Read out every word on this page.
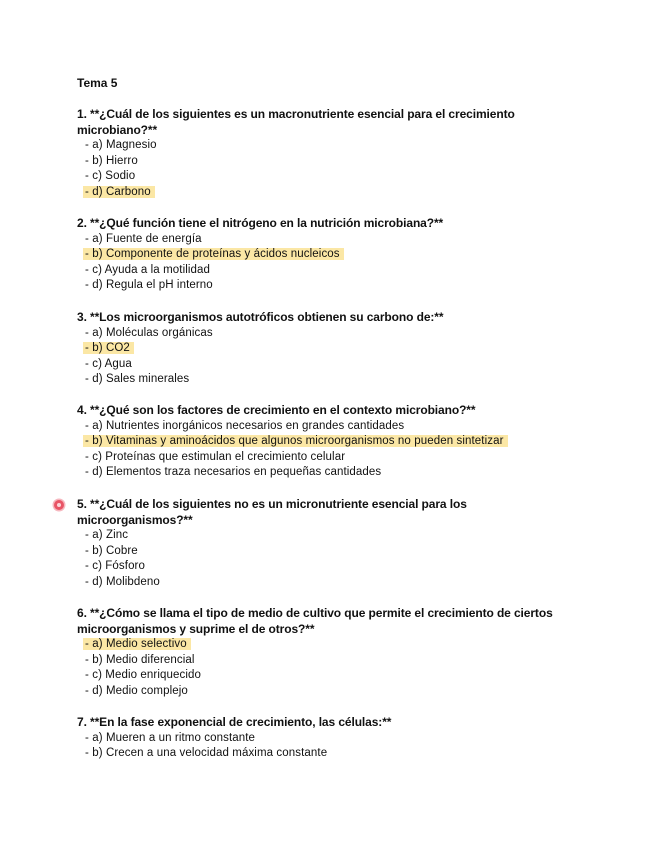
Tema 5
1. **¿Cuál de los siguientes es un macronutriente esencial para el crecimiento microbiano?**
- a) Magnesio
- b) Hierro
- c) Sodio
- d) Carbono
2. **¿Qué función tiene el nitrógeno en la nutrición microbiana?**
- a) Fuente de energía
- b) Componente de proteínas y ácidos nucleicos
- c) Ayuda a la motilidad
- d) Regula el pH interno
3. **Los microorganismos autotróficos obtienen su carbono de:**
- a) Moléculas orgánicas
- b) CO2
- c) Agua
- d) Sales minerales
4. **¿Qué son los factores de crecimiento en el contexto microbiano?**
- a) Nutrientes inorgánicos necesarios en grandes cantidades
- b) Vitaminas y aminoácidos que algunos microorganismos no pueden sintetizar
- c) Proteínas que estimulan el crecimiento celular
- d) Elementos traza necesarios en pequeñas cantidades
5. **¿Cuál de los siguientes no es un micronutriente esencial para los microorganismos?**
- a) Zinc
- b) Cobre
- c) Fósforo
- d) Molibdeno
6. **¿Cómo se llama el tipo de medio de cultivo que permite el crecimiento de ciertos microorganismos y suprime el de otros?**
- a) Medio selectivo
- b) Medio diferencial
- c) Medio enriquecido
- d) Medio complejo
7. **En la fase exponencial de crecimiento, las células:**
- a) Mueren a un ritmo constante
- b) Crecen a una velocidad máxima constante
